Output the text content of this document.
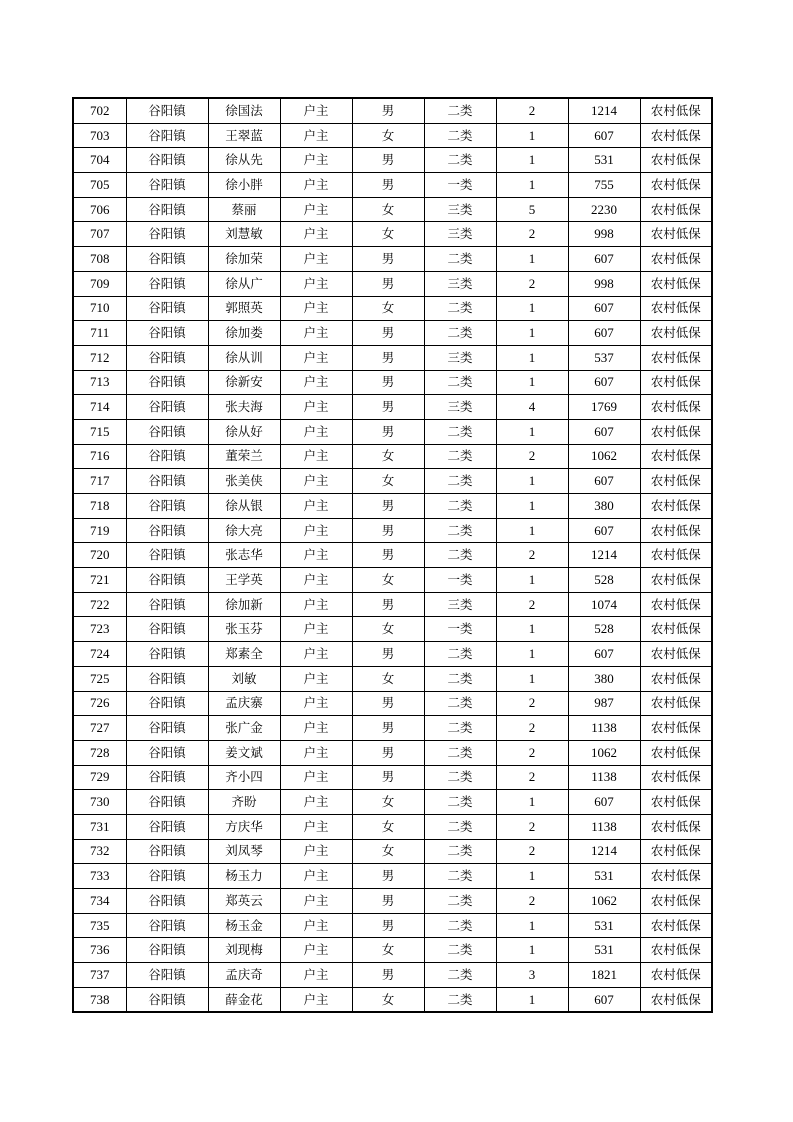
702	谷阳镇	徐国法	户主	男	二类	2	1214	农村低保
703	谷阳镇	王翠蓝	户主	女	二类	1	607	农村低保
704	谷阳镇	徐从先	户主	男	二类	1	531	农村低保
705	谷阳镇	徐小胖	户主	男	一类	1	755	农村低保
706	谷阳镇	蔡丽	户主	女	三类	5	2230	农村低保
707	谷阳镇	刘慧敏	户主	女	三类	2	998	农村低保
708	谷阳镇	徐加荣	户主	男	二类	1	607	农村低保
709	谷阳镇	徐从广	户主	男	三类	2	998	农村低保
710	谷阳镇	郭照英	户主	女	二类	1	607	农村低保
711	谷阳镇	徐加娄	户主	男	二类	1	607	农村低保
712	谷阳镇	徐从训	户主	男	三类	1	537	农村低保
713	谷阳镇	徐新安	户主	男	二类	1	607	农村低保
714	谷阳镇	张夫海	户主	男	三类	4	1769	农村低保
715	谷阳镇	徐从好	户主	男	二类	1	607	农村低保
716	谷阳镇	董荣兰	户主	女	二类	2	1062	农村低保
717	谷阳镇	张美侠	户主	女	二类	1	607	农村低保
718	谷阳镇	徐从银	户主	男	二类	1	380	农村低保
719	谷阳镇	徐大亮	户主	男	二类	1	607	农村低保
720	谷阳镇	张志华	户主	男	二类	2	1214	农村低保
721	谷阳镇	王学英	户主	女	一类	1	528	农村低保
722	谷阳镇	徐加新	户主	男	三类	2	1074	农村低保
723	谷阳镇	张玉芬	户主	女	一类	1	528	农村低保
724	谷阳镇	郑素全	户主	男	二类	1	607	农村低保
725	谷阳镇	刘敏	户主	女	二类	1	380	农村低保
726	谷阳镇	孟庆寨	户主	男	二类	2	987	农村低保
727	谷阳镇	张广金	户主	男	二类	2	1138	农村低保
728	谷阳镇	姜文斌	户主	男	二类	2	1062	农村低保
729	谷阳镇	齐小四	户主	男	二类	2	1138	农村低保
730	谷阳镇	齐盼	户主	女	二类	1	607	农村低保
731	谷阳镇	方庆华	户主	女	二类	2	1138	农村低保
732	谷阳镇	刘凤琴	户主	女	二类	2	1214	农村低保
733	谷阳镇	杨玉力	户主	男	二类	1	531	农村低保
734	谷阳镇	郑英云	户主	男	二类	2	1062	农村低保
735	谷阳镇	杨玉金	户主	男	二类	1	531	农村低保
736	谷阳镇	刘现梅	户主	女	二类	1	531	农村低保
737	谷阳镇	孟庆奇	户主	男	二类	3	1821	农村低保
738	谷阳镇	薛金花	户主	女	二类	1	607	农村低保
